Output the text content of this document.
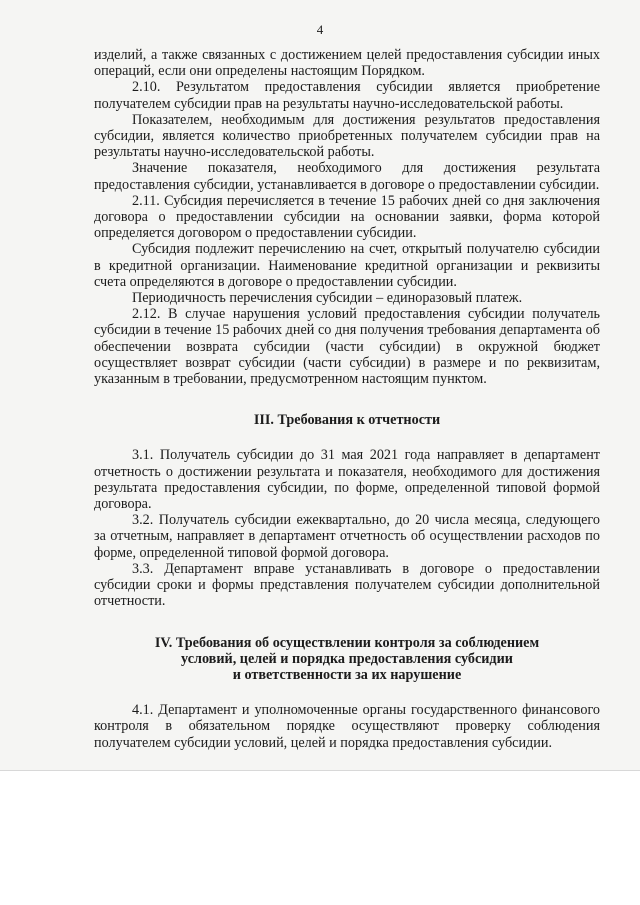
4

изделий, а также связанных с достижением целей предоставления субсидии иных операций, если они определены настоящим Порядком.

2.10. Результатом предоставления субсидии является приобретение получателем субсидии прав на результаты научно-исследовательской работы.

Показателем, необходимым для достижения результатов предоставления субсидии, является количество приобретенных получателем субсидии прав на результаты научно-исследовательской работы.

Значение показателя, необходимого для достижения результата предоставления субсидии, устанавливается в договоре о предоставлении субсидии.

2.11. Субсидия перечисляется в течение 15 рабочих дней со дня заключения договора о предоставлении субсидии на основании заявки, форма которой определяется договором о предоставлении субсидии.

Субсидия подлежит перечислению на счет, открытый получателю субсидии в кредитной организации. Наименование кредитной организации и реквизиты счета определяются в договоре о предоставлении субсидии.

Периодичность перечисления субсидии – единоразовый платеж.

2.12. В случае нарушения условий предоставления субсидии получатель субсидии в течение 15 рабочих дней со дня получения требования департамента об обеспечении возврата субсидии (части субсидии) в окружной бюджет осуществляет возврат субсидии (части субсидии) в размере и по реквизитам, указанным в требовании, предусмотренном настоящим пунктом.

III. Требования к отчетности

3.1. Получатель субсидии до 31 мая 2021 года направляет в департамент отчетность о достижении результата и показателя, необходимого для достижения результата предоставления субсидии, по форме, определенной типовой формой договора.

3.2. Получатель субсидии ежеквартально, до 20 числа месяца, следующего за отчетным, направляет в департамент отчетность об осуществлении расходов по форме, определенной типовой формой договора.

3.3. Департамент вправе устанавливать в договоре о предоставлении субсидии сроки и формы представления получателем субсидии дополнительной отчетности.

IV. Требования об осуществлении контроля за соблюдением
условий, целей и порядка предоставления субсидии
и ответственности за их нарушение

4.1. Департамент и уполномоченные органы государственного финансового контроля в обязательном порядке осуществляют проверку соблюдения получателем субсидии условий, целей и порядка предоставления субсидии.
